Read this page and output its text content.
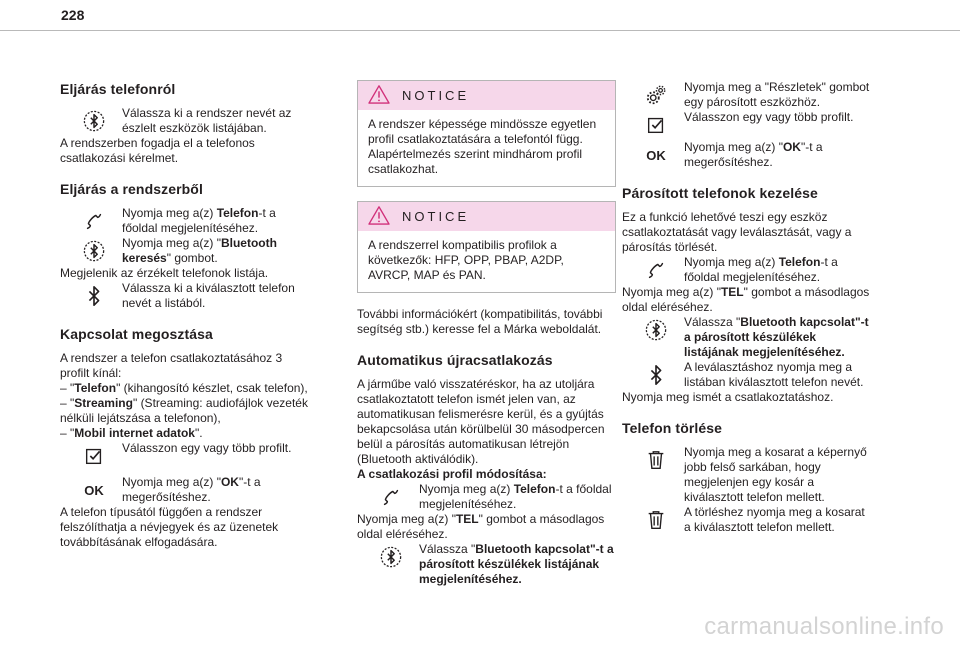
228
Eljárás telefonról

Válassza ki a rendszer nevét az észlelt eszközök listájában.

A rendszerben fogadja el a telefonos csatlakozási kérelmet.

Eljárás a rendszerből

Nyomja meg a(z) Telefon-t a főoldal megjelenítéséhez.

Nyomja meg a(z) "Bluetooth keresés" gombot.

Megjelenik az érzékelt telefonok listája.

Válassza ki a kiválasztott telefon nevét a listából.

Kapcsolat megosztása

A rendszer a telefon csatlakoztatásához 3 profilt kínál:

– "Telefon" (kihangosító készlet, csak telefon),

– "Streaming" (Streaming: audiofájlok vezeték nélküli lejátszása a telefonon),

– "Mobil internet adatok".

Válasszon egy vagy több profilt.

OK

Nyomja meg a(z) "OK"-t a megerősítéshez.

A telefon típusától függően a rendszer felszólíthatja a névjegyek és az üzenetek továbbításának elfogadására.

NOTICE
A rendszer képessége mindössze egyetlen profil csatlakoztatására a telefontól függ. Alapértelmezés szerint mindhárom profil csatlakozhat.
NOTICE
A rendszerrel kompatibilis profilok a következők: HFP, OPP, PBAP, A2DP, AVRCP, MAP és PAN.

További információkért (kompatibilitás, további segítség stb.) keresse fel a Márka weboldalát.

Automatikus újracsatlakozás

A járműbe való visszatéréskor, ha az utoljára csatlakoztatott telefon ismét jelen van, az automatikusan felismerésre kerül, és a gyújtás bekapcsolása után körülbelül 30 másodpercen belül a párosítás automatikusan létrejön (Bluetooth aktiválódik).

A csatlakozási profil módosítása:

Nyomja meg a(z) Telefon-t a főoldal megjelenítéséhez.

Nyomja meg a(z) "TEL" gombot a másodlagos oldal eléréséhez.

Válassza "Bluetooth kapcsolat"-t a párosított készülékek listájának megjelenítéséhez.

Nyomja meg a "Részletek" gombot egy párosított eszközhöz.

Válasszon egy vagy több profilt.

OK

Nyomja meg a(z) "OK"-t a megerősítéshez.

Párosított telefonok kezelése

Ez a funkció lehetővé teszi egy eszköz csatlakoztatását vagy leválasztását, vagy a párosítás törlését.

Nyomja meg a(z) Telefon-t a főoldal megjelenítéséhez.

Nyomja meg a(z) "TEL" gombot a másodlagos oldal eléréséhez.

Válassza "Bluetooth kapcsolat"-t a párosított készülékek listájának megjelenítéséhez.

A leválasztáshoz nyomja meg a listában kiválasztott telefon nevét.

Nyomja meg ismét a csatlakoztatáshoz.

Telefon törlése

Nyomja meg a kosarat a képernyő jobb felső sarkában, hogy megjelenjen egy kosár a kiválasztott telefon mellett.

A törléshez nyomja meg a kosarat a kiválasztott telefon mellett.

carmanualsonline.info
